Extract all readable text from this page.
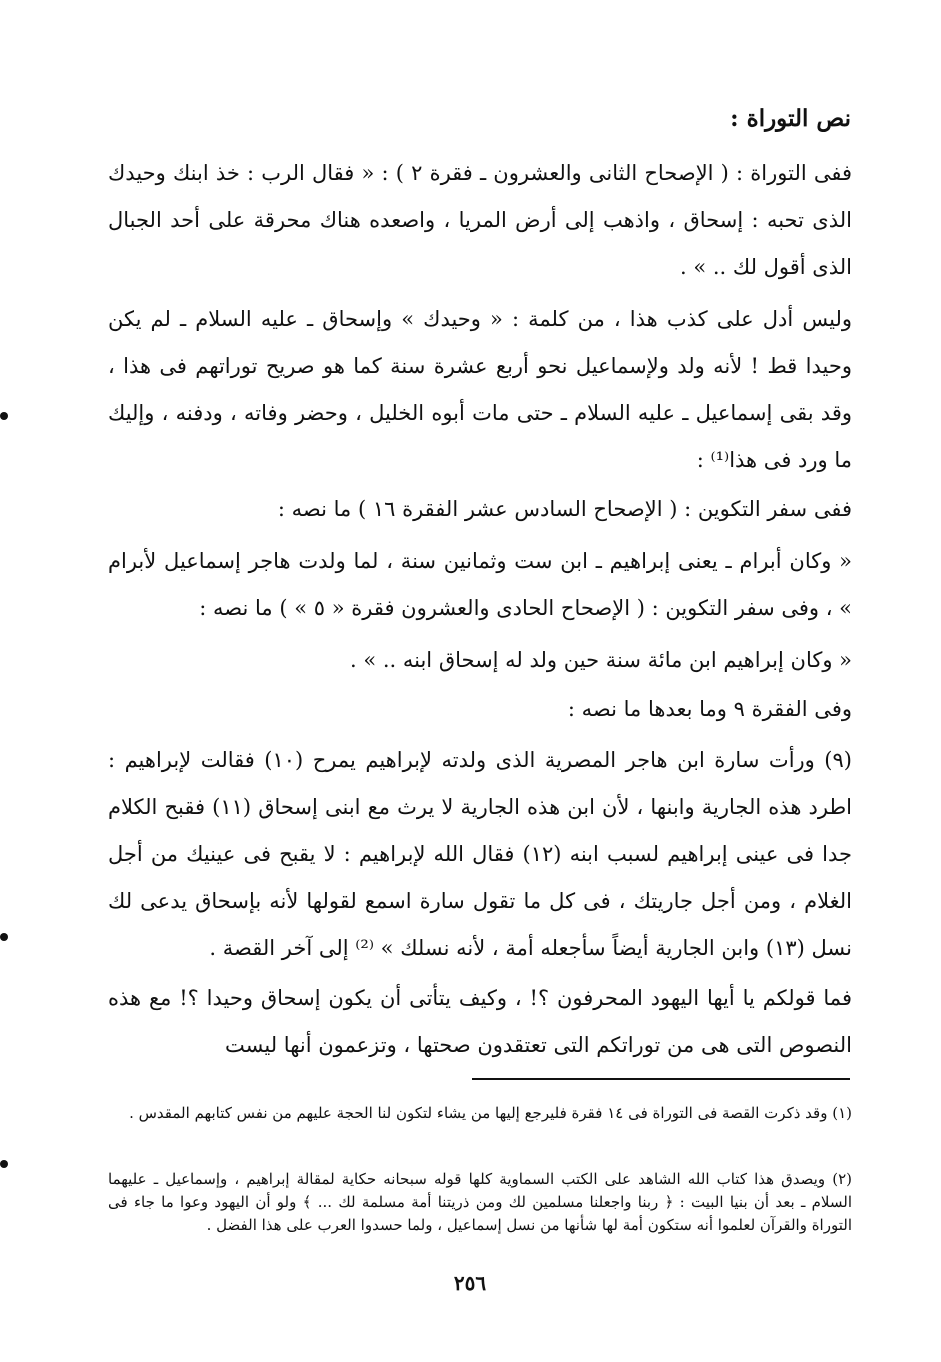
نص التوراة :

ففى التوراة : ( الإصحاح الثانى والعشرون ـ فقرة ٢ ) : « فقال الرب : خذ ابنك وحيدك الذى تحبه : إسحاق ، واذهب إلى أرض المريا ، واصعده هناك محرقة على أحد الجبال الذى أقول لك .. » .

وليس أدل على كذب هذا ، من كلمة : « وحيدك » وإسحاق ـ عليه السلام ـ لم يكن وحيدا قط ! لأنه ولد ولإسماعيل نحو أربع عشرة سنة كما هو صريح توراتهم فى هذا ، وقد بقى إسماعيل ـ عليه السلام ـ حتى مات أبوه الخليل ، وحضر وفاته ، ودفنه ، وإليك ما ورد فى هذا⁽¹⁾ :

ففى سفر التكوين : ( الإصحاح السادس عشر الفقرة ١٦ ) ما نصه :

« وكان أبرام ـ يعنى إبراهيم ـ ابن ست وثمانين سنة ، لما ولدت هاجر إسماعيل لأبرام » ، وفى سفر التكوين : ( الإصحاح الحادى والعشرون فقرة « ٥ » ) ما نصه :

« وكان إبراهيم ابن مائة سنة حين ولد له إسحاق ابنه .. » .

وفى الفقرة ٩ وما بعدها ما نصه :

(٩) ورأت سارة ابن هاجر المصرية الذى ولدته لإبراهيم يمرح (١٠) فقالت لإبراهيم : اطرد هذه الجارية وابنها ، لأن ابن هذه الجارية لا يرث مع ابنى إسحاق (١١) فقبح الكلام جدا فى عينى إبراهيم لسبب ابنه (١٢) فقال الله لإبراهيم : لا يقبح فى عينيك من أجل الغلام ، ومن أجل جاريتك ، فى كل ما تقول سارة اسمع لقولها لأنه بإسحاق يدعى لك نسل (١٣) وابن الجارية أيضاً سأجعله أمة ، لأنه نسلك » ⁽²⁾ إلى آخر القصة .

فما قولكم يا أيها اليهود المحرفون ؟! ، وكيف يتأتى أن يكون إسحاق وحيدا ؟! مع هذه النصوص التى هى من توراتكم التى تعتقدون صحتها ، وتزعمون أنها ليست

(١) وقد ذكرت القصة فى التوراة فى ١٤ فقرة فليرجع إليها من يشاء لتكون لنا الحجة عليهم من نفس كتابهم المقدس .

(٢) ويصدق هذا كتاب الله الشاهد على الكتب السماوية كلها قوله سبحانه حكاية لمقالة إبراهيم ، وإسماعيل ـ عليهما السلام ـ بعد أن بنيا البيت : ﴿ ربنا واجعلنا مسلمين لك ومن ذريتنا أمة مسلمة لك ... ﴾ ولو أن اليهود وعوا ما جاء فى التوراة والقرآن لعلموا أنه ستكون أمة لها شأنها من نسل إسماعيل ، ولما حسدوا العرب على هذا الفضل .

٢٥٦
